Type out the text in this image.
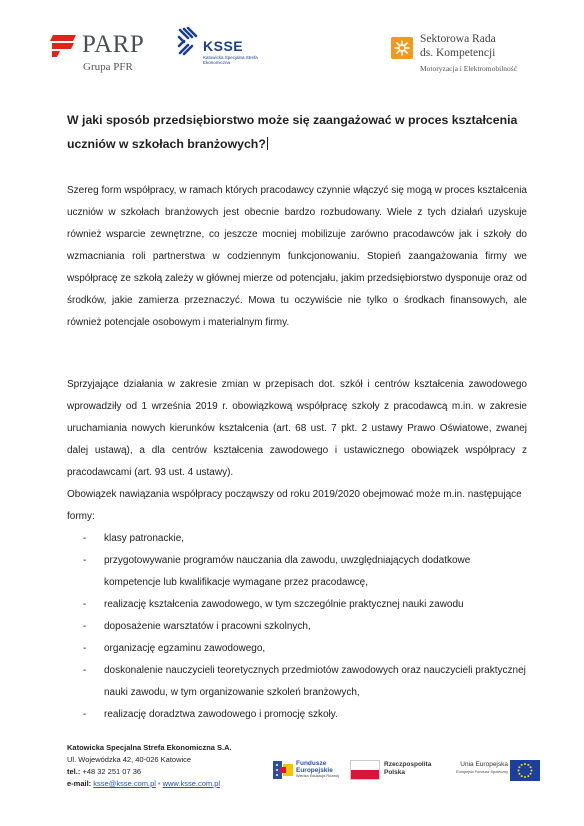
PARP
Grupa PFR
KSSE
Katowicka Specjalna Strefa Ekonomiczna
Sektorowa Rada
ds. Kompetencji
Motoryzacja i Elektromobilność
W jaki sposób przedsiębiorstwo może się zaangażować w proces kształcenia uczniów w szkołach branżowych?

Szereg form współpracy, w ramach których pracodawcy czynnie włączyć się mogą w proces kształcenia uczniów w szkołach branżowych jest obecnie bardzo rozbudowany. Wiele z tych działań uzyskuje również wsparcie zewnętrzne, co jeszcze mocniej mobilizuje zarówno pracodawców jak i szkoły do wzmacniania roli partnerstwa w codziennym funkcjonowaniu. Stopień zaangażowania firmy we współpracę ze szkołą zależy w głównej mierze od potencjału, jakim przedsiębiorstwo dysponuje oraz od środków, jakie zamierza przeznaczyć. Mowa tu oczywiście nie tylko o środkach finansowych, ale również potencjale osobowym i materialnym firmy.

Sprzyjające działania w zakresie zmian w przepisach dot. szkół i centrów kształcenia zawodowego wprowadziły od 1 września 2019 r. obowiązkową współpracę szkoły z pracodawcą m.in. w zakresie uruchamiania nowych kierunków kształcenia (art. 68 ust. 7 pkt. 2 ustawy Prawo Oświatowe, zwanej dalej ustawą), a dla centrów kształcenia zawodowego i ustawicznego obowiązek współpracy z pracodawcami (art. 93 ust. 4 ustawy).

Obowiązek nawiązania współpracy począwszy od roku 2019/2020 obejmować może m.in. następujące formy:

- klasy patronackie,
- przygotowywanie programów nauczania dla zawodu, uwzględniających dodatkowe kompetencje lub kwalifikacje wymagane przez pracodawcę,
- realizację kształcenia zawodowego, w tym szczególnie praktycznej nauki zawodu
- doposażenie warsztatów i pracowni szkolnych,
- organizację egzaminu zawodowego,
- doskonalenie nauczycieli teoretycznych przedmiotów zawodowych oraz nauczycieli praktycznej nauki zawodu, w tym organizowanie szkoleń branżowych,
- realizację doradztwa zawodowego i promocję szkoły.
Katowicka Specjalna Strefa Ekonomiczna S.A.
Ul. Wojewódzka 42, 40-026 Katowice
tel.: +48 32 251 07 36
e-mail: ksse@ksse.com.pl • www.ksse.com.pl
Fundusze
Europejskie
Wiedza Edukacja Rozwój
Rzeczpospolita
Polska
Unia Europejska
Europejski Fundusz Społeczny
